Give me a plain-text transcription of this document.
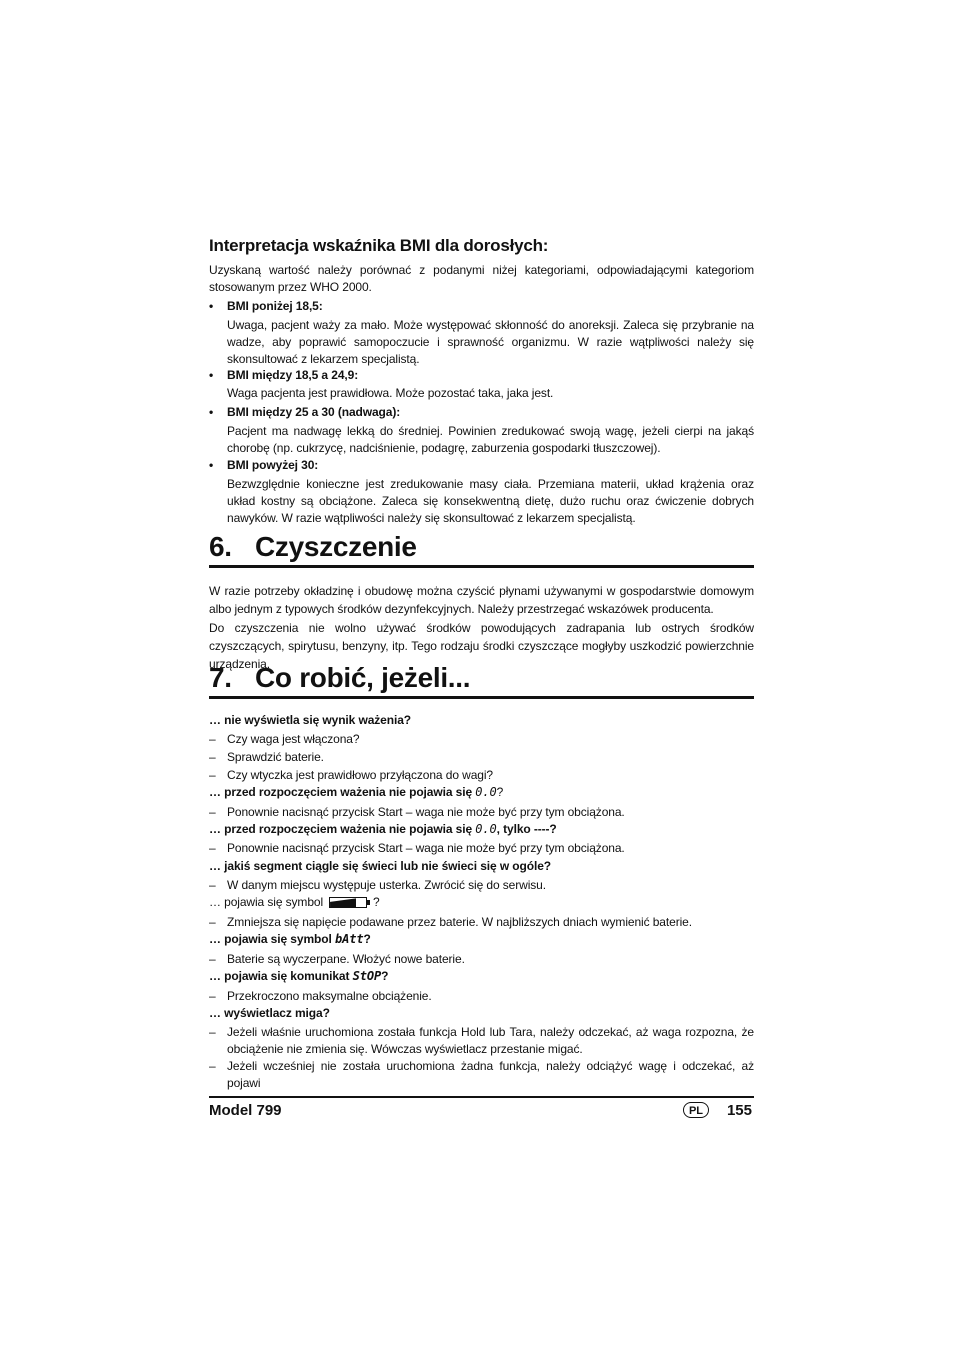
Interpretacja wskaźnika BMI dla dorosłych:
Uzyskaną wartość należy porównać z podanymi niżej kategoriami, odpowiadającymi kategoriom stosowanym przez WHO 2000.
• BMI poniżej 18,5:
Uwaga, pacjent waży za mało. Może występować skłonność do anoreksji. Zaleca się przybranie na wadze, aby poprawić samopoczucie i sprawność organizmu. W razie wątpliwości należy się skonsultować z lekarzem specjalistą.
• BMI między 18,5 a 24,9:
Waga pacjenta jest prawidłowa. Może pozostać taka, jaka jest.
• BMI między 25 a 30 (nadwaga):
Pacjent ma nadwagę lekką do średniej. Powinien zredukować swoją wagę, jeżeli cierpi na jakąś chorobę (np. cukrzycę, nadciśnienie, podagrę, zaburzenia gospodarki tłuszczowej).
• BMI powyżej 30:
Bezwzględnie konieczne jest zredukowanie masy ciała. Przemiana materii, układ krążenia oraz układ kostny są obciążone. Zaleca się konsekwentną dietę, dużo ruchu oraz ćwiczenie dobrych nawyków. W razie wątpliwości należy się skonsultować z lekarzem specjalistą.
6. Czyszczenie
W razie potrzeby okładzinę i obudowę można czyścić płynami używanymi w gospodarstwie domowym albo jednym z typowych środków dezynfekcyjnych. Należy przestrzegać wskazówek producenta.
Do czyszczenia nie wolno używać środków powodujących zadrapania lub ostrych środków czyszczących, spirytusu, benzyny, itp. Tego rodzaju środki czyszczące mogłyby uszkodzić powierzchnie urządzenia.
7. Co robić, jeżeli...
… nie wyświetla się wynik ważenia?
– Czy waga jest włączona?
– Sprawdzić baterie.
– Czy wtyczka jest prawidłowo przyłączona do wagi?
… przed rozpoczęciem ważenia nie pojawia się 0.0?
– Ponownie nacisnąć przycisk Start – waga nie może być przy tym obciążona.
… przed rozpoczęciem ważenia nie pojawia się 0.0, tylko ----?
– Ponownie nacisnąć przycisk Start – waga nie może być przy tym obciążona.
… jakiś segment ciągle się świeci lub nie świeci się w ogóle?
– W danym miejscu występuje usterka. Zwrócić się do serwisu.
… pojawia się symbol	?
– Zmniejsza się napięcie podawane przez baterie. W najbliższych dniach wymienić baterie.
… pojawia się symbol bAtt?
– Baterie są wyczerpane. Włożyć nowe baterie.
… pojawia się komunikat StOP?
– Przekroczono maksymalne obciążenie.
… wyświetlacz miga?
– Jeżeli właśnie uruchomiona została funkcja Hold lub Tara, należy odczekać, aż waga rozpozna, że obciążenie nie zmienia się. Wówczas wyświetlacz przestanie migać.
– Jeżeli wcześniej nie została uruchomiona żadna funkcja, należy odciążyć wagę i odczekać, aż pojawi
Model 799	PL	155
